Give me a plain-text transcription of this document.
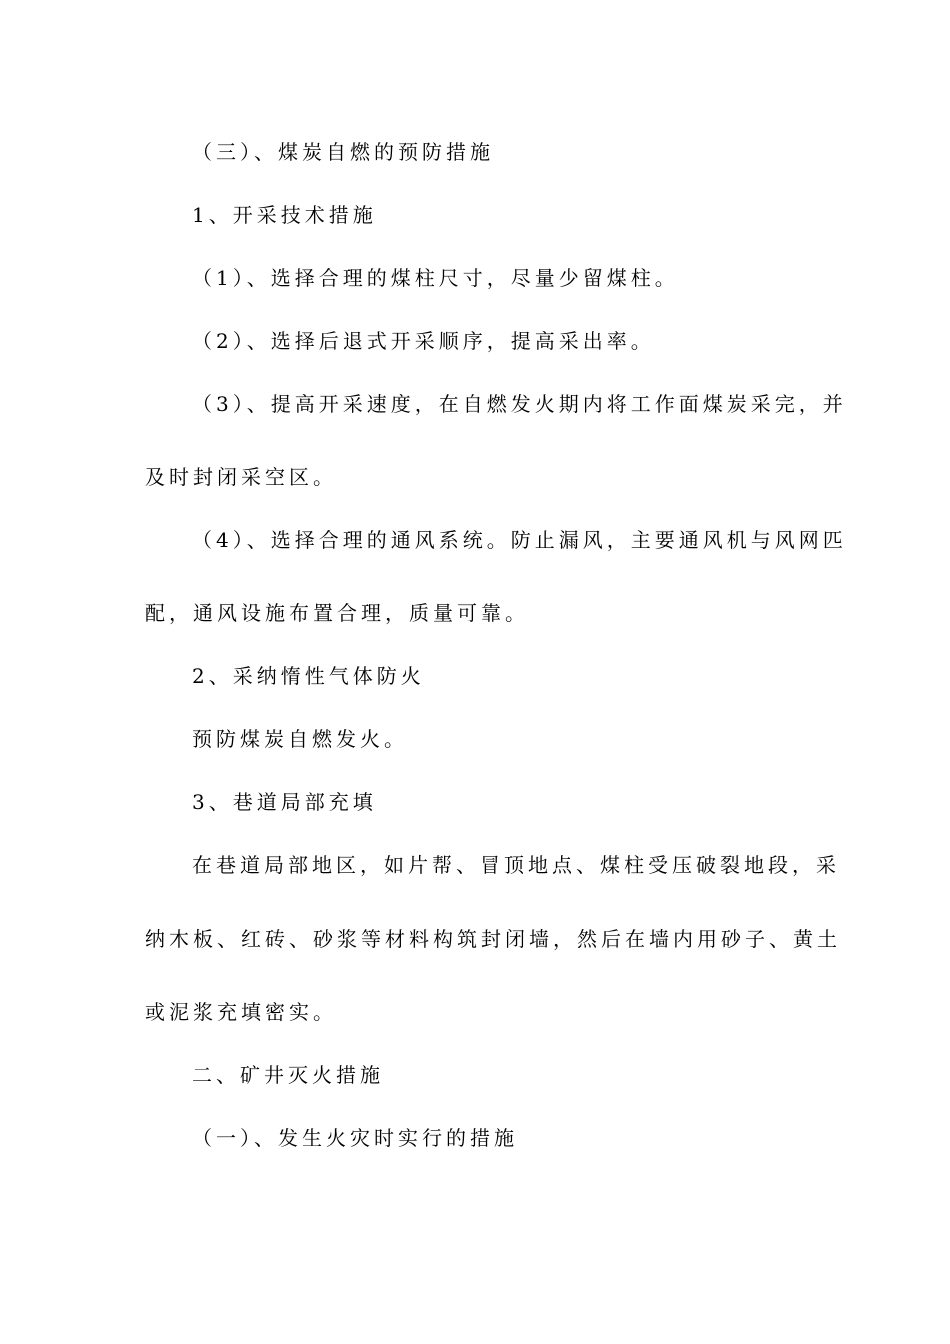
（三）、煤炭自燃的预防措施
1、开采技术措施
（1）、选择合理的煤柱尺寸，尽量少留煤柱。
（2）、选择后退式开采顺序，提高采出率。
（3）、提高开采速度，在自燃发火期内将工作面煤炭采完，并
及时封闭采空区。
（4）、选择合理的通风系统。防止漏风，主要通风机与风网匹
配，通风设施布置合理，质量可靠。
2、采纳惰性气体防火
预防煤炭自燃发火。
3、巷道局部充填
在巷道局部地区，如片帮、冒顶地点、煤柱受压破裂地段，采
纳木板、红砖、砂浆等材料构筑封闭墙，然后在墙内用砂子、黄土
或泥浆充填密实。
二、矿井灭火措施
（一）、发生火灾时实行的措施
